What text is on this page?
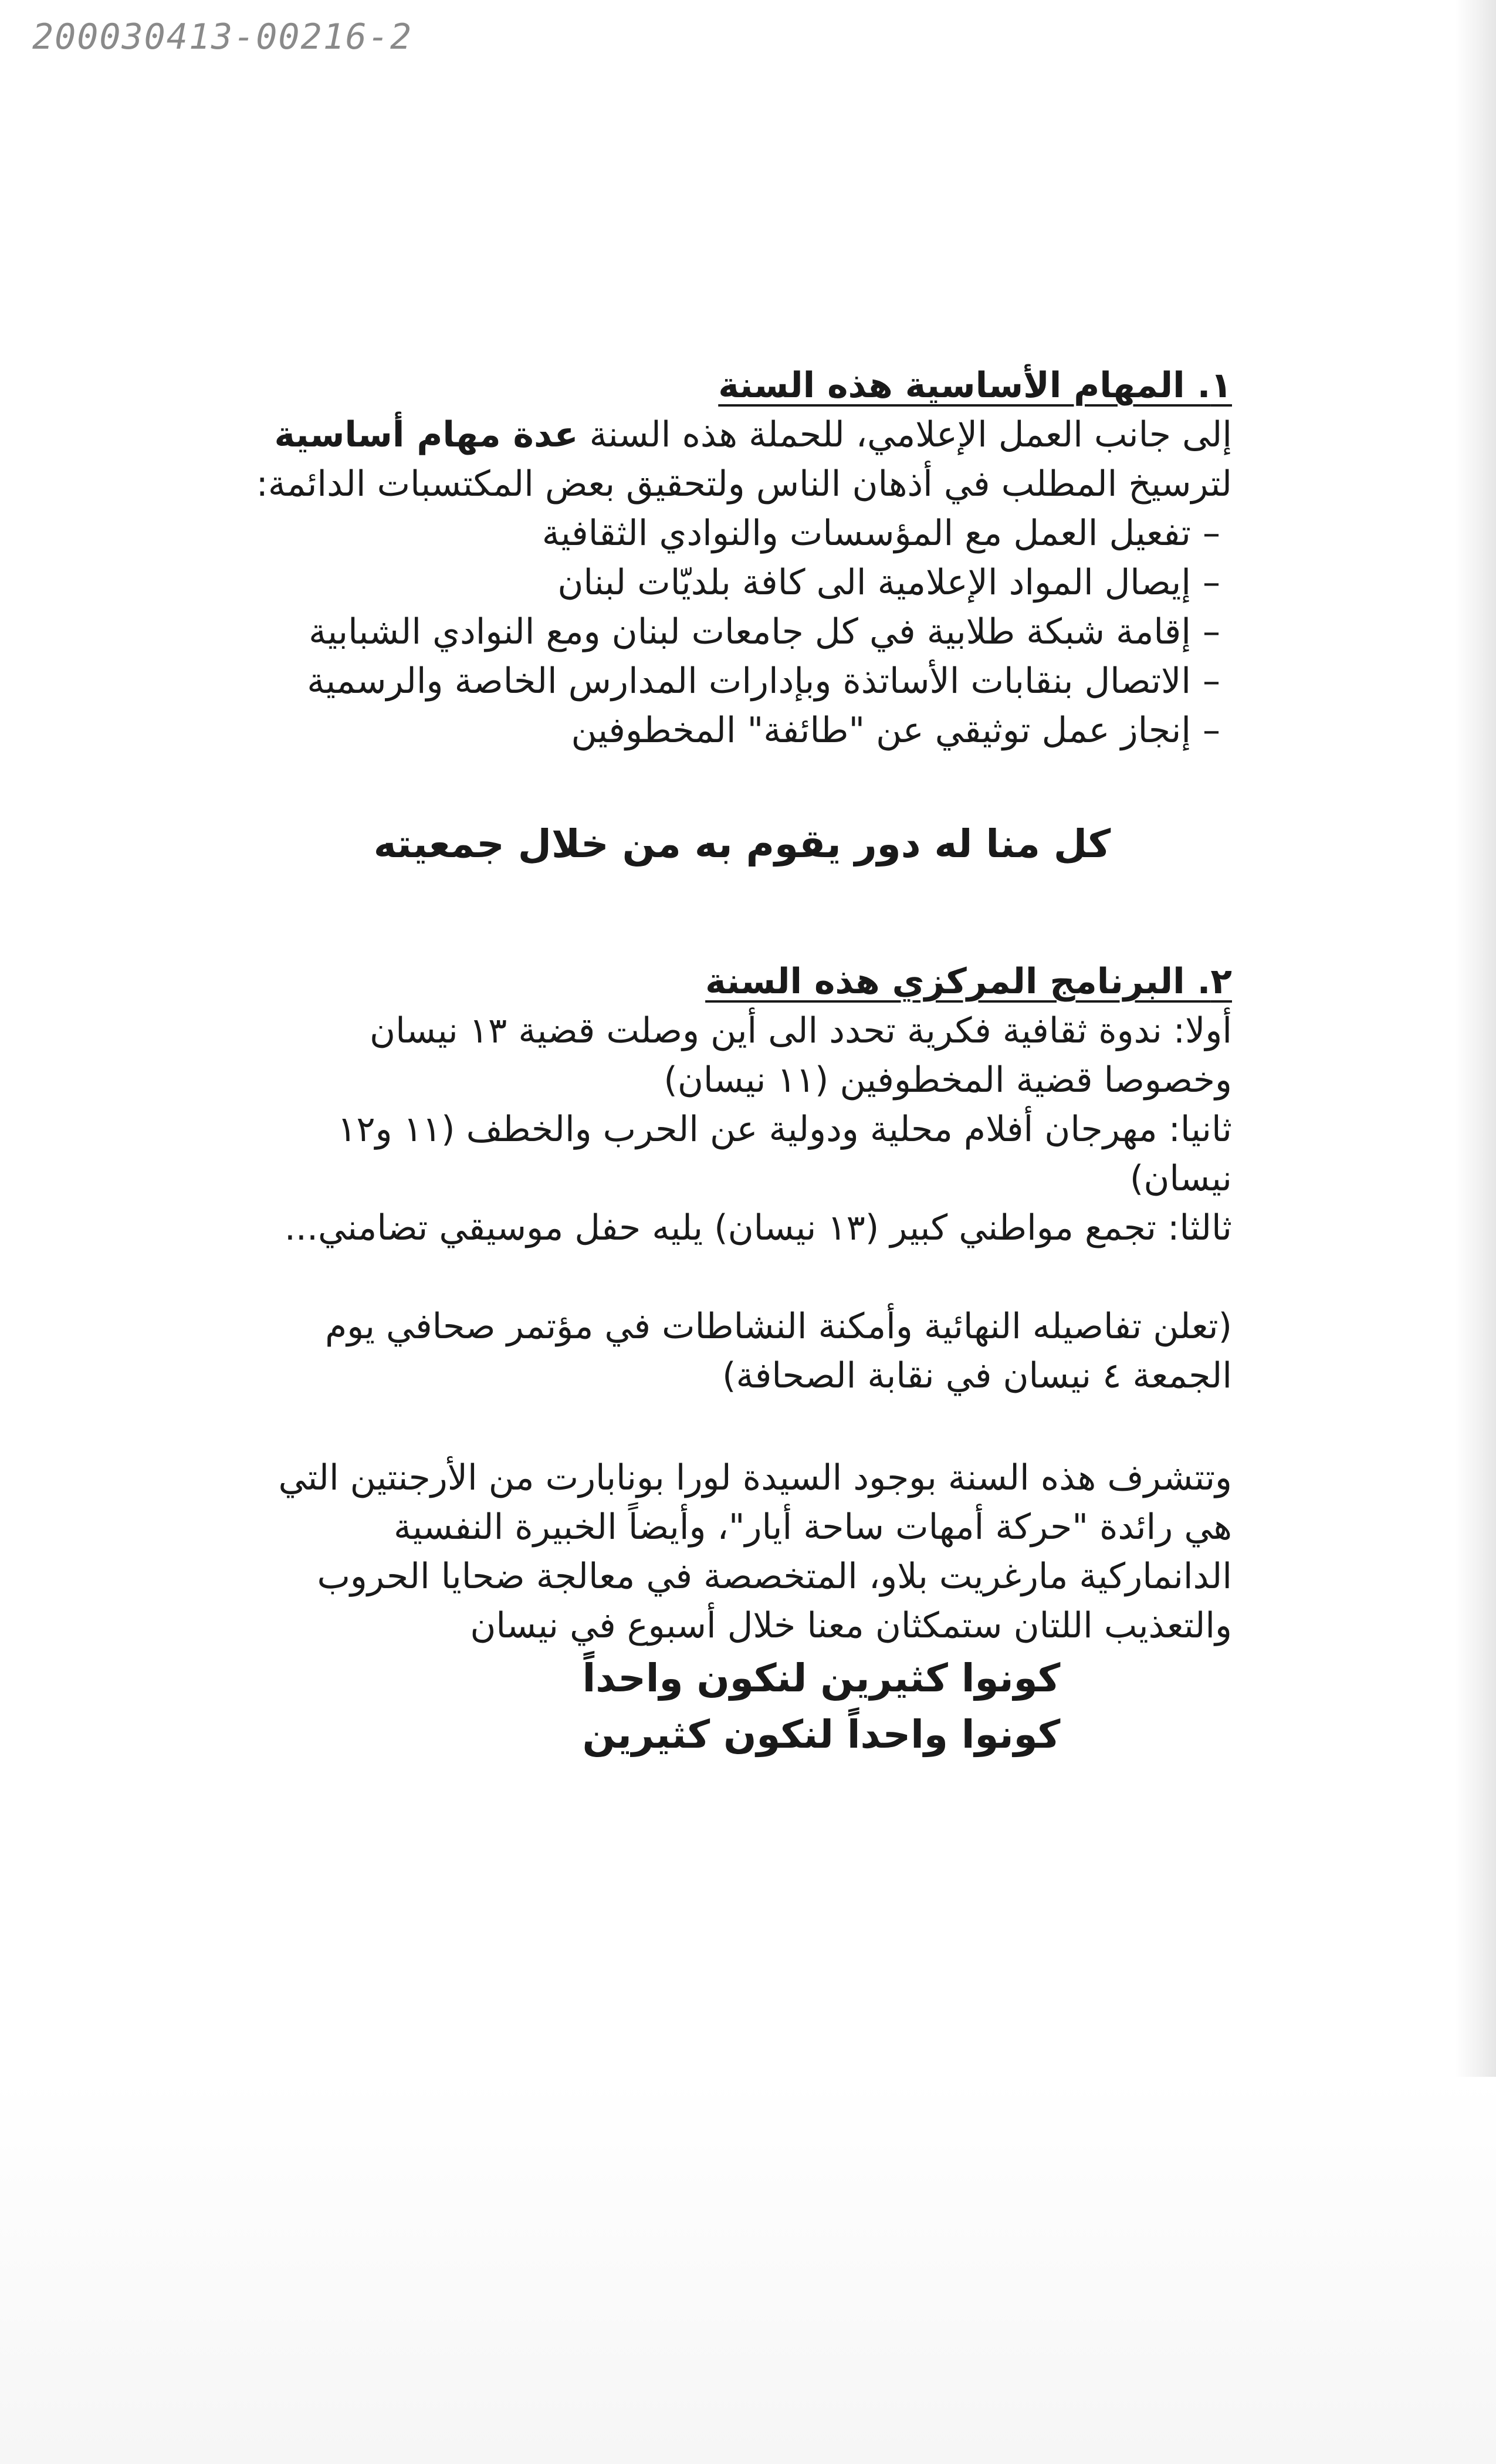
200030413-00216-2

١. المهام الأساسية هذه السنة

إلى جانب العمل الإعلامي، للحملة هذه السنة عدة مهام أساسية لترسيخ المطلب في أذهان الناس ولتحقيق بعض المكتسبات الدائمة:

–تفعيل العمل مع المؤسسات والنوادي الثقافية
–إيصال المواد الإعلامية الى كافة بلديّات لبنان
–إقامة شبكة طلابية في كل جامعات لبنان ومع النوادي الشبابية
–الاتصال بنقابات الأساتذة وبإدارات المدارس الخاصة والرسمية
–إنجاز عمل توثيقي عن "طائفة" المخطوفين
كل منا له دور يقوم به من خلال جمعيته

٢. البرنامج المركزي هذه السنة

أولا: ندوة ثقافية فكرية تحدد الى أين وصلت قضية ١٣ نيسان وخصوصا قضية المخطوفين (١١ نيسان)

ثانيا: مهرجان أفلام محلية ودولية عن الحرب والخطف (١١ و١٢ نيسان)

ثالثا: تجمع مواطني كبير (١٣ نيسان) يليه حفل موسيقي تضامني...

(تعلن تفاصيله النهائية وأمكنة النشاطات في مؤتمر صحافي يوم الجمعة ٤ نيسان في نقابة الصحافة)

وتتشرف هذه السنة بوجود السيدة لورا بونابارت من الأرجنتين التي هي رائدة "حركة أمهات ساحة أيار"، وأيضاً الخبيرة النفسية الدانماركية مارغريت بلاو، المتخصصة في معالجة ضحايا الحروب والتعذيب اللتان ستمكثان معنا خلال أسبوع في نيسان

كونوا كثيرين لنكون واحداً
كونوا واحداً لنكون كثيرين
